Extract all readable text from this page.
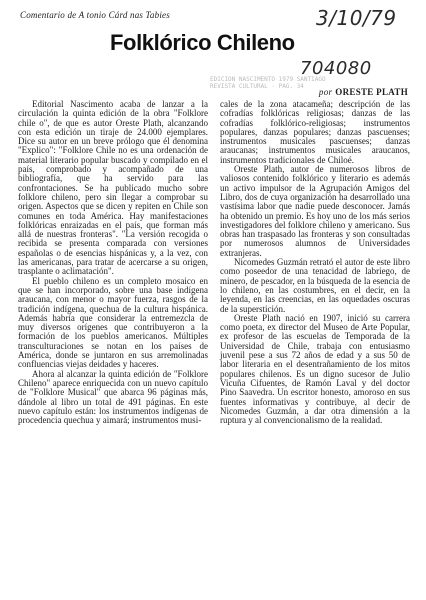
Comentario de A tonio Cárd nas Tabies	3/10/79
704080
Folklórico Chileno
EDICION NASCIMENTO 1979 SANTIAGO
REVISTA CULTURAL · PAG. 34
por ORESTE PLATH

Editorial Nascimento acaba de lanzar a la circulación la quinta edición de la obra "Folklore chile o", de que es autor Oreste Plath, alcanzando con esta edición un tiraje de 24.000 ejemplares. Dice su autor en un breve prólogo que él denomina "Explico": "Folklore Chile no es una ordenación de material literario popular buscado y compilado en el país, comprobado y acompañado de una bibliografía, que ha servido para las confrontaciones. Se ha publicado mucho sobre folklore chileno, pero sin llegar a comprobar su origen. Aspectos que se dicen y repiten en Chile son comunes en toda América. Hay manifestaciones folklóricas enraizadas en el país, que forman más allá de nuestras fronteras". "La versión recogida o recibida se presenta comparada con versiones españolas o de esencias hispánicas y, a la vez, con las americanas, para tratar de acercarse a su origen, trasplante o aclimatación".

El pueblo chileno es un completo mosaico en que se han incorporado, sobre una base indígena araucana, con menor o mayor fuerza, rasgos de la tradición indígena, quechua de la cultura hispánica. Además habría que considerar la entremezcla de muy diversos orígenes que contribuyeron a la formación de los pueblos americanos. Múltiples transculturaciones se notan en los países de América, donde se juntaron en sus arremolinadas confluencias viejas deidades y haceres.

Ahora al alcanzar la quinta edición de "Folklore Chileno" aparece enriquecida con un nuevo capítulo de "Folklore Musical" que abarca 96 páginas más, dándole al libro un total de 491 páginas. En este nuevo capítulo están: los instrumentos indígenas de procedencia quechua y aimará; instrumentos musi-

cales de la zona atacameña; descripción de las cofradías folklóricas religiosas; danzas de las cofradías folklórico-religiosas; instrumentos populares, danzas populares; danzas pascuenses; instrumentos musicales pascuenses; danzas araucanas; instrumentos musicales araucanos, instrumentos tradicionales de Chiloé.

Oreste Plath, autor de numerosos libros de valiosos contenido folklórico y literario es además un activo impulsor de la Agrupación Amigos del Libro, dos de cuya organización ha desarrollado una vastísima labor que nadie puede desconocer. Jamás ha obtenido un premio. Es hoy uno de los más serios investigadores del folklore chileno y americano. Sus obras han traspasado las fronteras y son consultadas por numerosos alumnos de Universidades extranjeras.

Nicomedes Guzmán retrató el autor de este libro como poseedor de una tenacidad de labriego, de minero, de pescador, en la búsqueda de la esencia de lo chileno, en las costumbres, en el decir, en la leyenda, en las creencias, en las oquedades oscuras de la superstición.

Oreste Plath nació en 1907, inició su carrera como poeta, ex director del Museo de Arte Popular, ex profesor de las escuelas de Temporada de la Universidad de Chile, trabaja con entusiasmo juvenil pese a sus 72 años de edad y a sus 50 de labor literaria en el desentrañamiento de los mitos populares chilenos. Es un digno sucesor de Julio Vicuña Cifuentes, de Ramón Laval y del doctor Pino Saavedra. Un escritor honesto, amoroso en sus fuentes informativas y contribuye, al decir de Nicomedes Guzmán, a dar otra dimensión a la ruptura y al convencionalismo de la realidad.
